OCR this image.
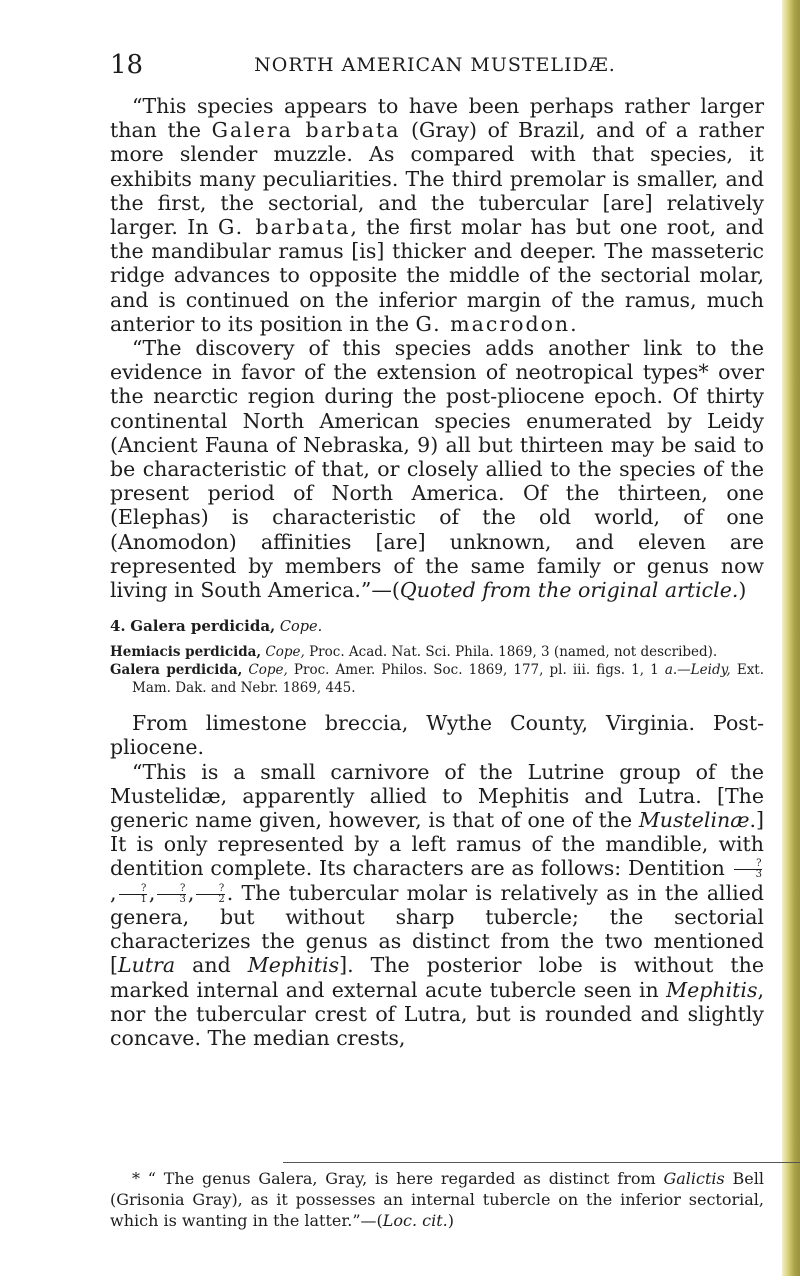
18	NORTH AMERICAN MUSTELIDÆ.

“This species appears to have been perhaps rather larger than the Galera barbata (Gray) of Brazil, and of a rather more slender muzzle. As compared with that species, it exhibits many peculiarities. The third premolar is smaller, and the first, the sectorial, and the tubercular [are] relatively larger. In G. barbata, the first molar has but one root, and the mandibular ramus [is] thicker and deeper. The masseteric ridge advances to opposite the middle of the sectorial molar, and is continued on the inferior margin of the ramus, much anterior to its position in the G. macrodon.

“The discovery of this species adds another link to the evidence in favor of the extension of neotropical types* over the nearctic region during the post-pliocene epoch. Of thirty continental North American species enumerated by Leidy (Ancient Fauna of Nebraska, 9) all but thirteen may be said to be characteristic of that, or closely allied to the species of the present period of North America. Of the thirteen, one (Elephas) is characteristic of the old world, of one (Anomodon) affinities [are] unknown, and eleven are represented by members of the same family or genus now living in South America.”—(Quoted from the original article.)

4. Galera perdicida, Cope.

Hemiacis perdicida, Cope, Proc. Acad. Nat. Sci. Phila. 1869, 3 (named, not described).

Galera perdicida, Cope, Proc. Amer. Philos. Soc. 1869, 177, pl. iii. figs. 1, 1 a.—Leidy, Ext. Mam. Dak. and Nebr. 1869, 445.

From limestone breccia, Wythe County, Virginia. Post-pliocene.

“This is a small carnivore of the Lutrine group of the Mustelidæ, apparently allied to Mephitis and Lutra. [The generic name given, however, is that of one of the Mustelinæ.] It is only represented by a left ramus of the mandible, with dentition complete. Its characters are as follows: Dentition $\frac{?}{3}$
, $\frac{?}{1}$ , $\frac{?}{3}$ , $\frac{?}{2}$ . The tubercular molar is relatively as in the allied genera, but without sharp tubercle; the sectorial characterizes the genus as distinct from the two mentioned [Lutra and Mephitis]. The posterior lobe is without the marked internal and external acute tubercle seen in Mephitis, nor the tubercular crest of Lutra, but is rounded and slightly concave. The median crests,

* “ The genus Galera, Gray, is here regarded as distinct from Galictis Bell (Grisonia Gray), as it possesses an internal tubercle on the inferior sectorial, which is wanting in the latter.”—(Loc. cit.)
